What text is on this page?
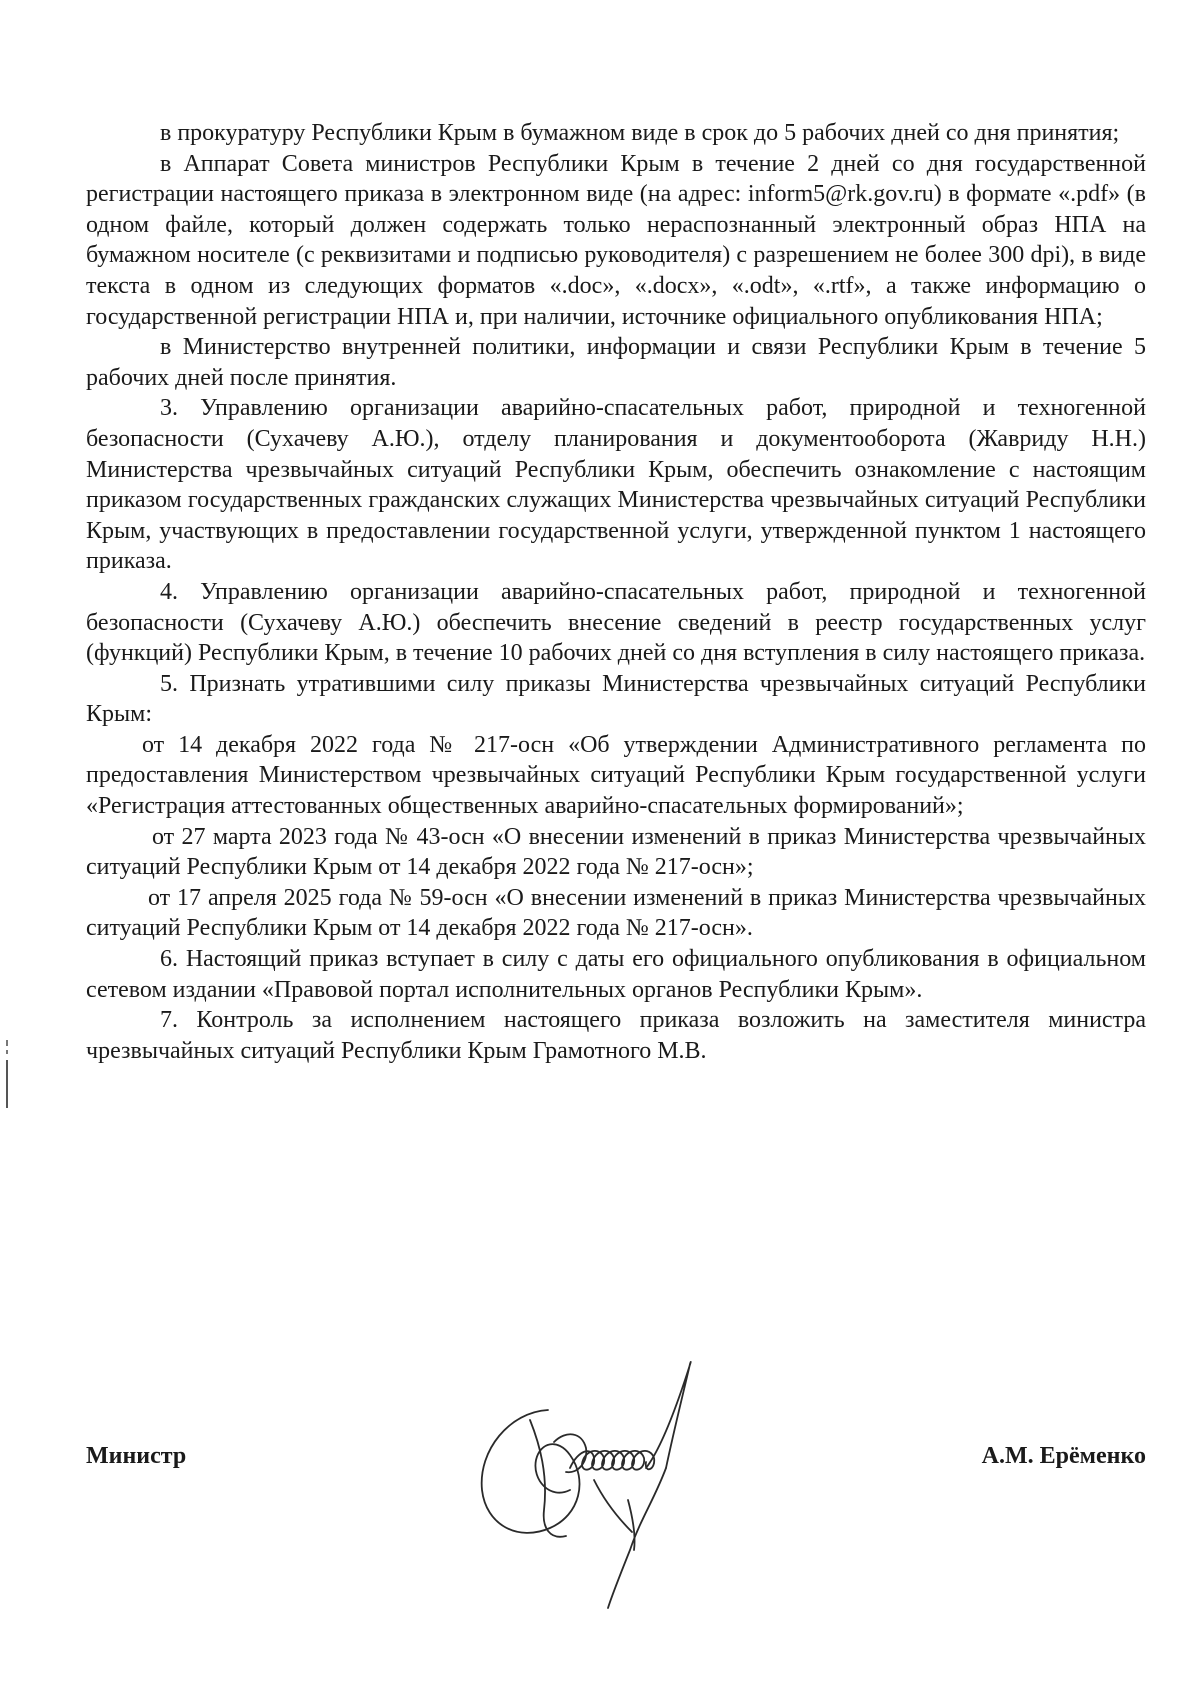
в прокуратуру Республики Крым в бумажном виде в срок до 5 рабочих дней со дня принятия;

в Аппарат Совета министров Республики Крым в течение 2 дней со дня государственной регистрации настоящего приказа в электронном виде (на адрес: inform5@rk.gov.ru) в формате «.pdf» (в одном файле, который должен содержать только нераспознанный электронный образ НПА на бумажном носителе (с реквизитами и подписью руководителя) с разрешением не более 300 dpi), в виде текста в одном из следующих форматов «.doc», «.docx», «.odt», «.rtf», а также информацию о государственной регистрации НПА и, при наличии, источнике официального опубликования НПА;

в Министерство внутренней политики, информации и связи Республики Крым в течение 5 рабочих дней после принятия.

3. Управлению организации аварийно-спасательных работ, природной и техногенной безопасности (Сухачеву А.Ю.), отделу планирования и документооборота (Жавриду Н.Н.) Министерства чрезвычайных ситуаций Республики Крым, обеспечить ознакомление с настоящим приказом государственных гражданских служащих Министерства чрезвычайных ситуаций Республики Крым, участвующих в предоставлении государственной услуги, утвержденной пунктом 1 настоящего приказа.

4. Управлению организации аварийно-спасательных работ, природной и техногенной безопасности (Сухачеву А.Ю.) обеспечить внесение сведений в реестр государственных услуг (функций) Республики Крым, в течение 10 рабочих дней со дня вступления в силу настоящего приказа.

5. Признать утратившими силу приказы Министерства чрезвычайных ситуаций Республики Крым:

от 14 декабря 2022 года № 217-осн «Об утверждении Административного регламента по предоставления Министерством чрезвычайных ситуаций Республики Крым государственной услуги «Регистрация аттестованных общественных аварийно-спасательных формирований»;

от 27 марта 2023 года № 43-осн «О внесении изменений в приказ Министерства чрезвычайных ситуаций Республики Крым от 14 декабря 2022 года № 217-осн»;

от 17 апреля 2025 года № 59-осн «О внесении изменений в приказ Министерства чрезвычайных ситуаций Республики Крым от 14 декабря 2022 года № 217-осн».

6. Настоящий приказ вступает в силу с даты его официального опубликования в официальном сетевом издании «Правовой портал исполнительных органов Республики Крым».

7. Контроль за исполнением настоящего приказа возложить на заместителя министра чрезвычайных ситуаций Республики Крым Грамотного М.В.

Министр	А.М. Ерёменко
